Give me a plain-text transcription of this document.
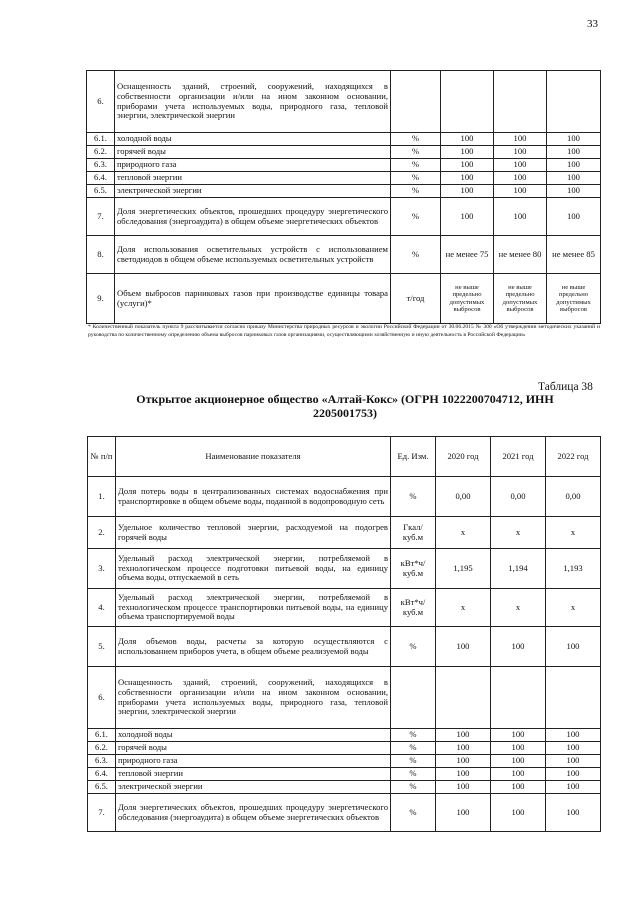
33
6.	Оснащенность зданий, строений, сооружений, находящихся в собственности организации и/или на ином законном основании, приборами учета используемых воды, природного газа, тепловой энергии, электрической энергии				
6.1.	холодной воды	%	100	100	100
6.2.	горячей воды	%	100	100	100
6.3.	природного газа	%	100	100	100
6.4.	тепловой энергии	%	100	100	100
6.5.	электрической энергии	%	100	100	100
7.	Доля энергетических объектов, прошедших процедуру энергетического обследования (энергоаудита) в общем объеме энергетических объектов	%	100	100	100
8.	Доля использования осветительных устройств с использованием светодиодов в общем объеме используемых осветительных устройств	%	не менее 75	не менее 80	не менее 85
9.	Объем выбросов парниковых газов при производстве единицы товара (услуги)*	т/год	не выше предельно допустимых выбросов	не выше предельно допустимых выбросов	не выше предельно допустимых выбросов
* Количественный показатель пункта 9 рассчитывается согласно приказу Министерства природных ресурсов и экологии Российской Федерации от 30.06.2015 № 300 «Об утверждении методических указаний и руководства по количественному определению объема выбросов парниковых газов организациями, осуществляющими хозяйственную и иную деятельность в Российской Федерации»
Таблица 38
Открытое акционерное общество «Алтай-Кокс» (ОГРН 1022200704712, ИНН 2205001753)
№ п/п	Наименование показателя	Ед. Изм.	2020 год	2021 год	2022 год
1.	Доля потерь воды в централизованных системах водоснабжения при транспортировке в общем объеме воды, поданной в водопроводную сеть	%	0,00	0,00	0,00
2.	Удельное количество тепловой энергии, расходуемой на подогрев горячей воды	Гкал/ куб.м	x	x	x
3.	Удельный расход электрической энергии, потребляемой в технологическом процессе подготовки питьевой воды, на единицу объема воды, отпускаемой в сеть	кВт*ч/ куб.м	1,195	1,194	1,193
4.	Удельный расход электрической энергии, потребляемой в технологическом процессе транспортировки питьевой воды, на единицу объема транспортируемой воды	кВт*ч/ куб.м	x	x	x
5.	Доля объемов воды, расчеты за которую осуществляются с использованием приборов учета, в общем объеме реализуемой воды	%	100	100	100
6.	Оснащенность зданий, строений, сооружений, находящихся в собственности организации и/или на ином законном основании, приборами учета используемых воды, природного газа, тепловой энергии, электрической энергии				
6.1.	холодной воды	%	100	100	100
6.2.	горячей воды	%	100	100	100
6.3.	природного газа	%	100	100	100
6.4.	тепловой энергии	%	100	100	100
6.5.	электрической энергии	%	100	100	100
7.	Доля энергетических объектов, прошедших процедуру энергетического обследования (энергоаудита) в общем объеме энергетических объектов	%	100	100	100
